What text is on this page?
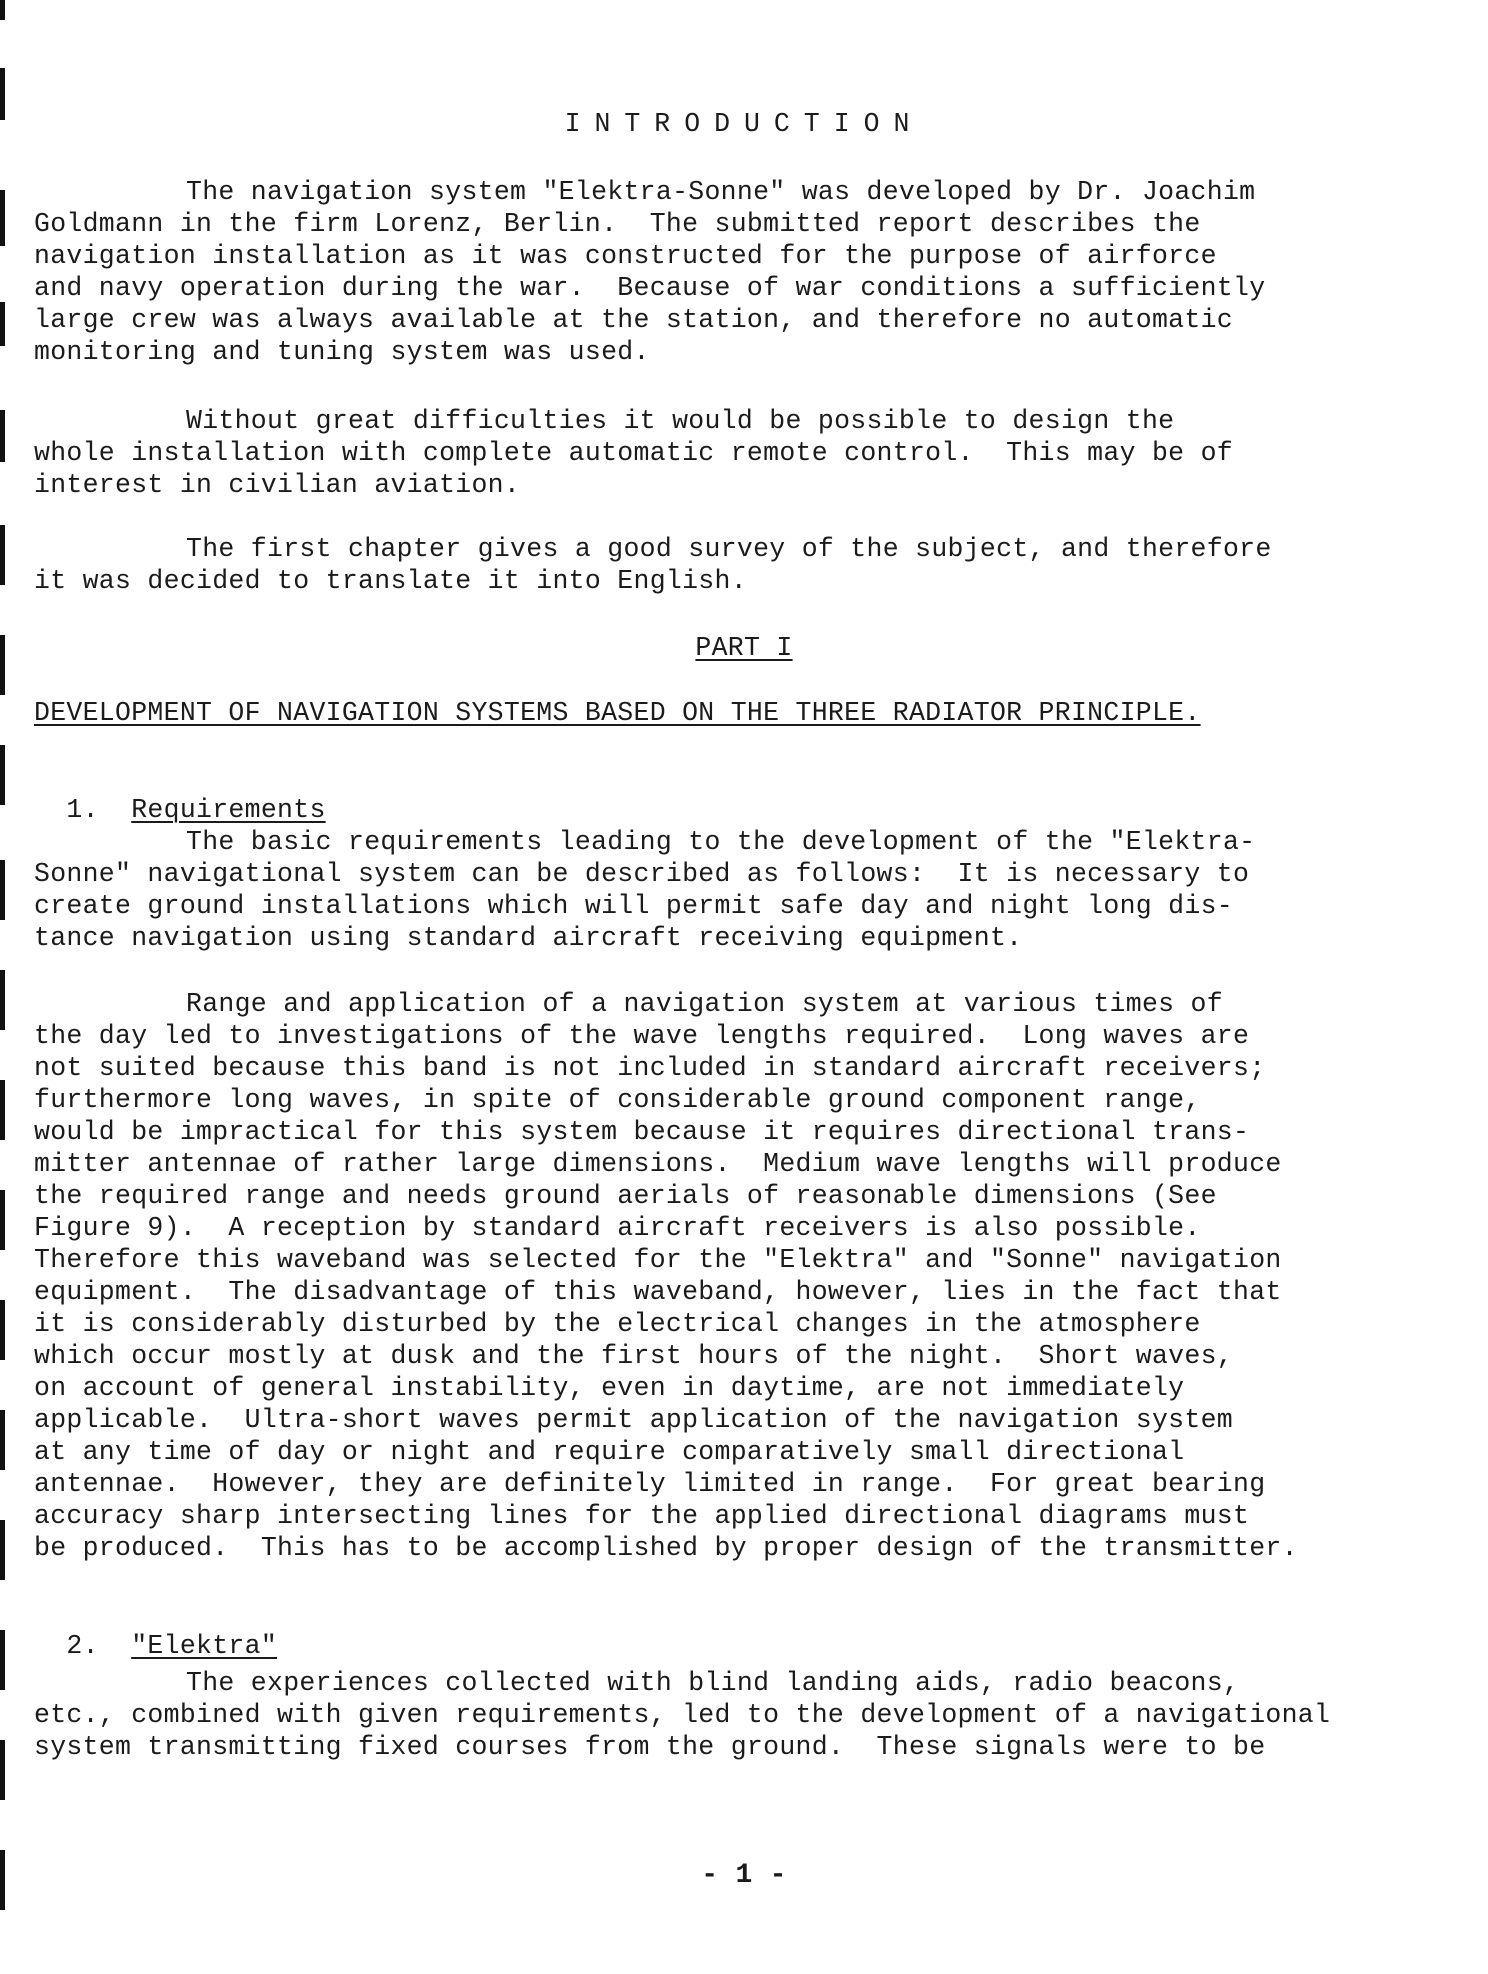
INTRODUCTION
The navigation system "Elektra-Sonne" was developed by Dr. Joachim
Goldmann in the firm Lorenz, Berlin.  The submitted report describes the
navigation installation as it was constructed for the purpose of airforce
and navy operation during the war.  Because of war conditions a sufficiently
large crew was always available at the station, and therefore no automatic
monitoring and tuning system was used.
Without great difficulties it would be possible to design the
whole installation with complete automatic remote control.  This may be of
interest in civilian aviation.
The first chapter gives a good survey of the subject, and therefore
it was decided to translate it into English.
PART I
DEVELOPMENT OF NAVIGATION SYSTEMS BASED ON THE THREE RADIATOR PRINCIPLE.

1. Requirements

The basic requirements leading to the development of the "Elektra-
Sonne" navigational system can be described as follows:  It is necessary to
create ground installations which will permit safe day and night long dis-
tance navigation using standard aircraft receiving equipment.
Range and application of a navigation system at various times of
the day led to investigations of the wave lengths required.  Long waves are
not suited because this band is not included in standard aircraft receivers;
furthermore long waves, in spite of considerable ground component range,
would be impractical for this system because it requires directional trans-
mitter antennae of rather large dimensions.  Medium wave lengths will produce
the required range and needs ground aerials of reasonable dimensions (See
Figure 9).  A reception by standard aircraft receivers is also possible.
Therefore this waveband was selected for the "Elektra" and "Sonne" navigation
equipment.  The disadvantage of this waveband, however, lies in the fact that
it is considerably disturbed by the electrical changes in the atmosphere
which occur mostly at dusk and the first hours of the night.  Short waves,
on account of general instability, even in daytime, are not immediately
applicable.  Ultra-short waves permit application of the navigation system
at any time of day or night and require comparatively small directional
antennae.  However, they are definitely limited in range.  For great bearing
accuracy sharp intersecting lines for the applied directional diagrams must
be produced.  This has to be accomplished by proper design of the transmitter.

2. "Elektra"

The experiences collected with blind landing aids, radio beacons,
etc., combined with given requirements, led to the development of a navigational
system transmitting fixed courses from the ground.  These signals were to be
- 1 -
